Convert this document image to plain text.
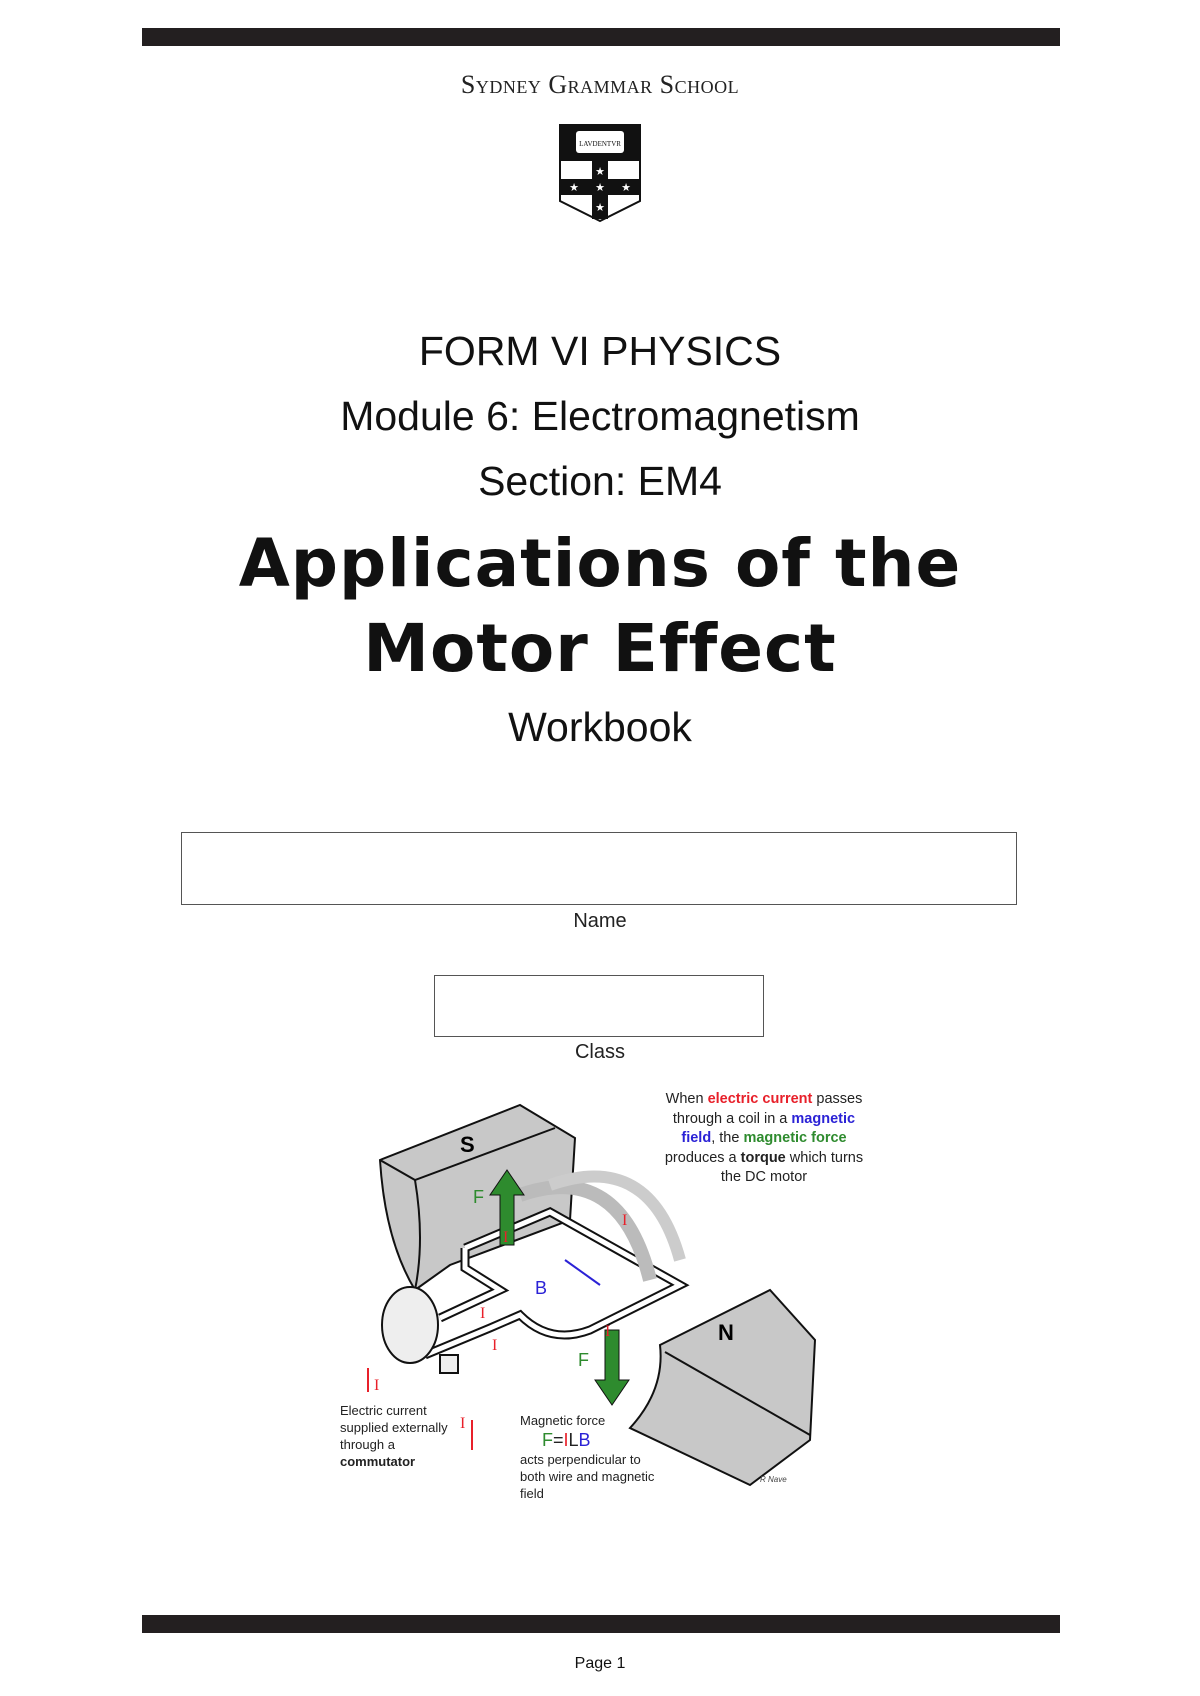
Sydney Grammar School
LAVDENTVR
★
★ ★ ★
★
FORM VI PHYSICS
Module 6: Electromagnetism
Section: EM4
Applications of the
Motor Effect
Workbook
Name
Class
S
N
F
F
B
I
I
I
I
I
I
I
When electric current passes through a coil in a magnetic field, the magnetic force produces a torque which turns the DC motor
Magnetic force
F=ILB
acts perpendicular to both wire and magnetic field
Electric current supplied externally through a commutator
R Nave
Page 1
